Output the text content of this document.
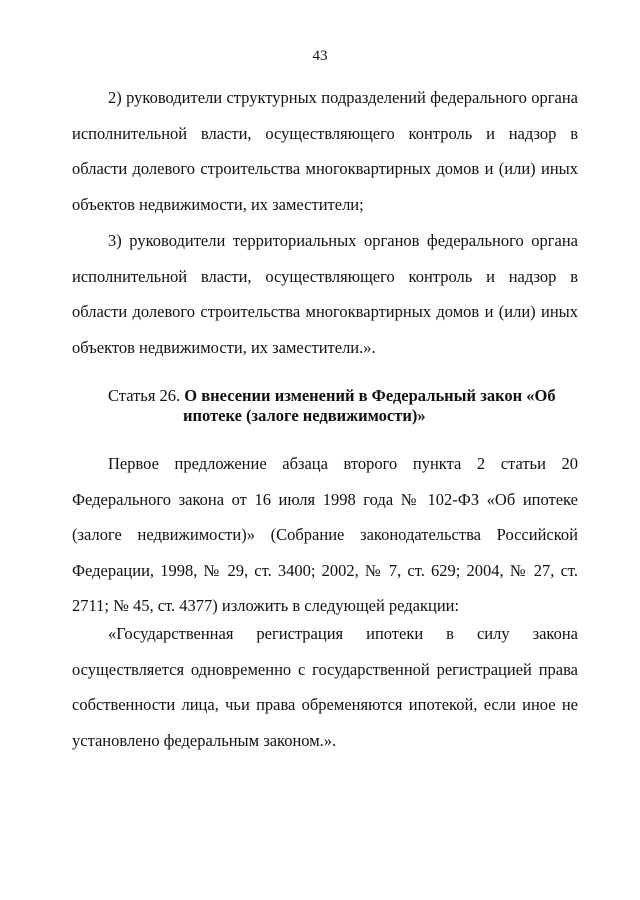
43

2) руководители структурных подразделений федерального органа исполнительной власти, осуществляющего контроль и надзор в области долевого строительства многоквартирных домов и (или) иных объектов недвижимости, их заместители;

3) руководители территориальных органов федерального органа исполнительной власти, осуществляющего контроль и надзор в области долевого строительства многоквартирных домов и (или) иных объектов недвижимости, их заместители.».

Статья 26. О внесении изменений в Федеральный закон «Об
ипотеке (залоге недвижимости)»

Первое предложение абзаца второго пункта 2 статьи 20 Федерального закона от 16 июля 1998 года № 102-ФЗ «Об ипотеке (залоге недвижимости)» (Собрание законодательства Российской Федерации, 1998, № 29, ст. 3400; 2002, № 7, ст. 629; 2004, № 27, ст. 2711; № 45, ст. 4377) изложить в следующей редакции:

«Государственная регистрация ипотеки в силу закона осуществляется одновременно с государственной регистрацией права собственности лица, чьи права обременяются ипотекой, если иное не установлено федеральным законом.».
